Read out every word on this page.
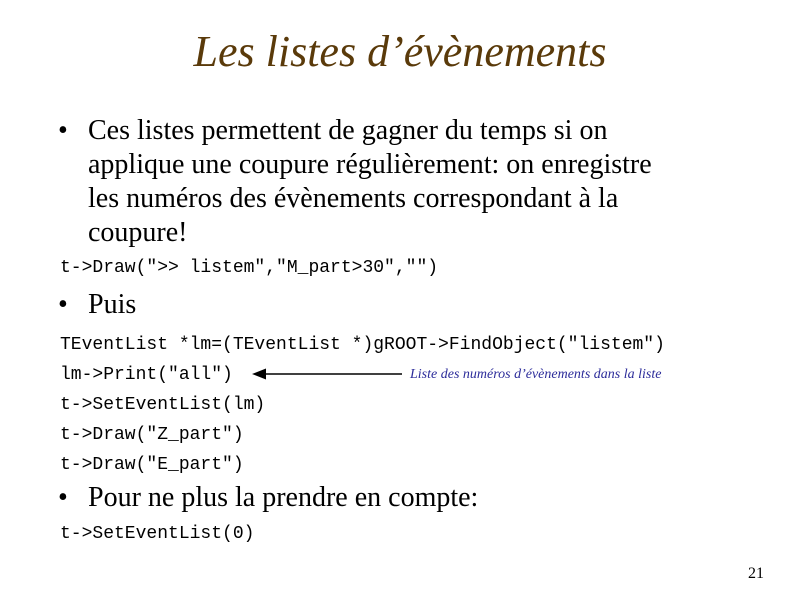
Les listes d’évènements
• Ces listes permettent de gagner du temps si on
applique une coupure régulièrement: on enregistre
les numéros des évènements correspondant à la
coupure!
t->Draw(">> listem","M_part>30","")
• Puis
TEventList *lm=(TEventList *)gROOT->FindObject("listem")
lm->Print("all")
t->SetEventList(lm)
t->Draw("Z_part")
t->Draw("E_part")
Liste des numéros d’évènements dans la liste
• Pour ne plus la prendre en compte:
t->SetEventList(0)
21
